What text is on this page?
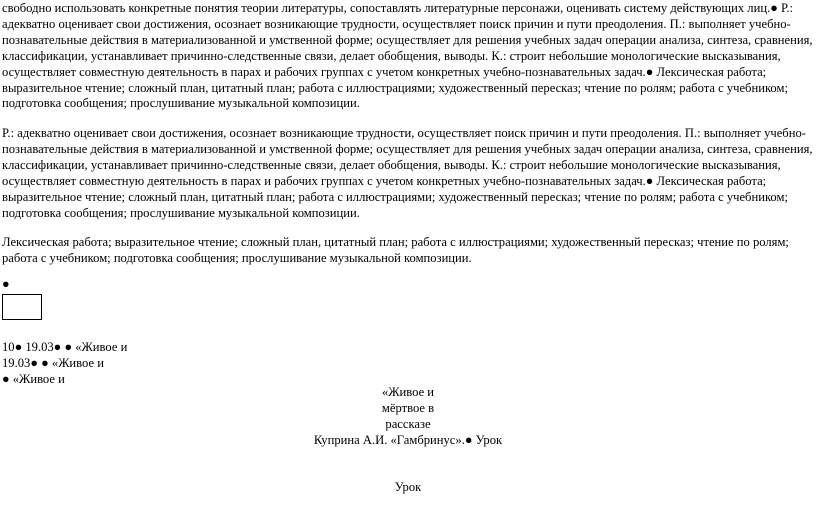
свободно использовать конкретные понятия теории литературы, сопоставлять литературные персонажи, оценивать систему действующих лиц.● Р.: адекватно оценивает свои достижения, осознает возникающие трудности, осуществляет поиск причин и пути преодоления. П.: выполняет учебно-познавательные действия в материализованной и умственной форме; осуществляет для решения учебных задач операции анализа, синтеза, сравнения, классификации, устанавливает причинно-следственные связи, делает обобщения, выводы. К.: строит небольшие монологические высказывания, осуществляет совместную деятельность в парах и рабочих группах с учетом конкретных учебно-познавательных задач.● Лексическая работа; выразительное чтение; сложный план, цитатный план; работа с иллюстрациями; художественный пересказ; чтение по ролям; работа с учебником; подготовка сообщения; прослушивание музыкальной композиции.

Р.: адекватно оценивает свои достижения, осознает возникающие трудности, осуществляет поиск причин и пути преодоления. П.: выполняет учебно-познавательные действия в материализованной и умственной форме; осуществляет для решения учебных задач операции анализа, синтеза, сравнения, классификации, устанавливает причинно-следственные связи, делает обобщения, выводы. К.: строит небольшие монологические высказывания, осуществляет совместную деятельность в парах и рабочих группах с учетом конкретных учебно-познавательных задач.● Лексическая работа; выразительное чтение; сложный план, цитатный план; работа с иллюстрациями; художественный пересказ; чтение по ролям; работа с учебником; подготовка сообщения; прослушивание музыкальной композиции.

Лексическая работа; выразительное чтение; сложный план, цитатный план; работа с иллюстрациями; художественный пересказ; чтение по ролям; работа с учебником; подготовка сообщения; прослушивание музыкальной композиции.

●
10● 19.03● ● «Живое и
19.03● ● «Живое и
● «Живое и
«Живое и
мёртвое в
рассказе
Куприна А.И. «Гамбринус».● Урок
Урок
